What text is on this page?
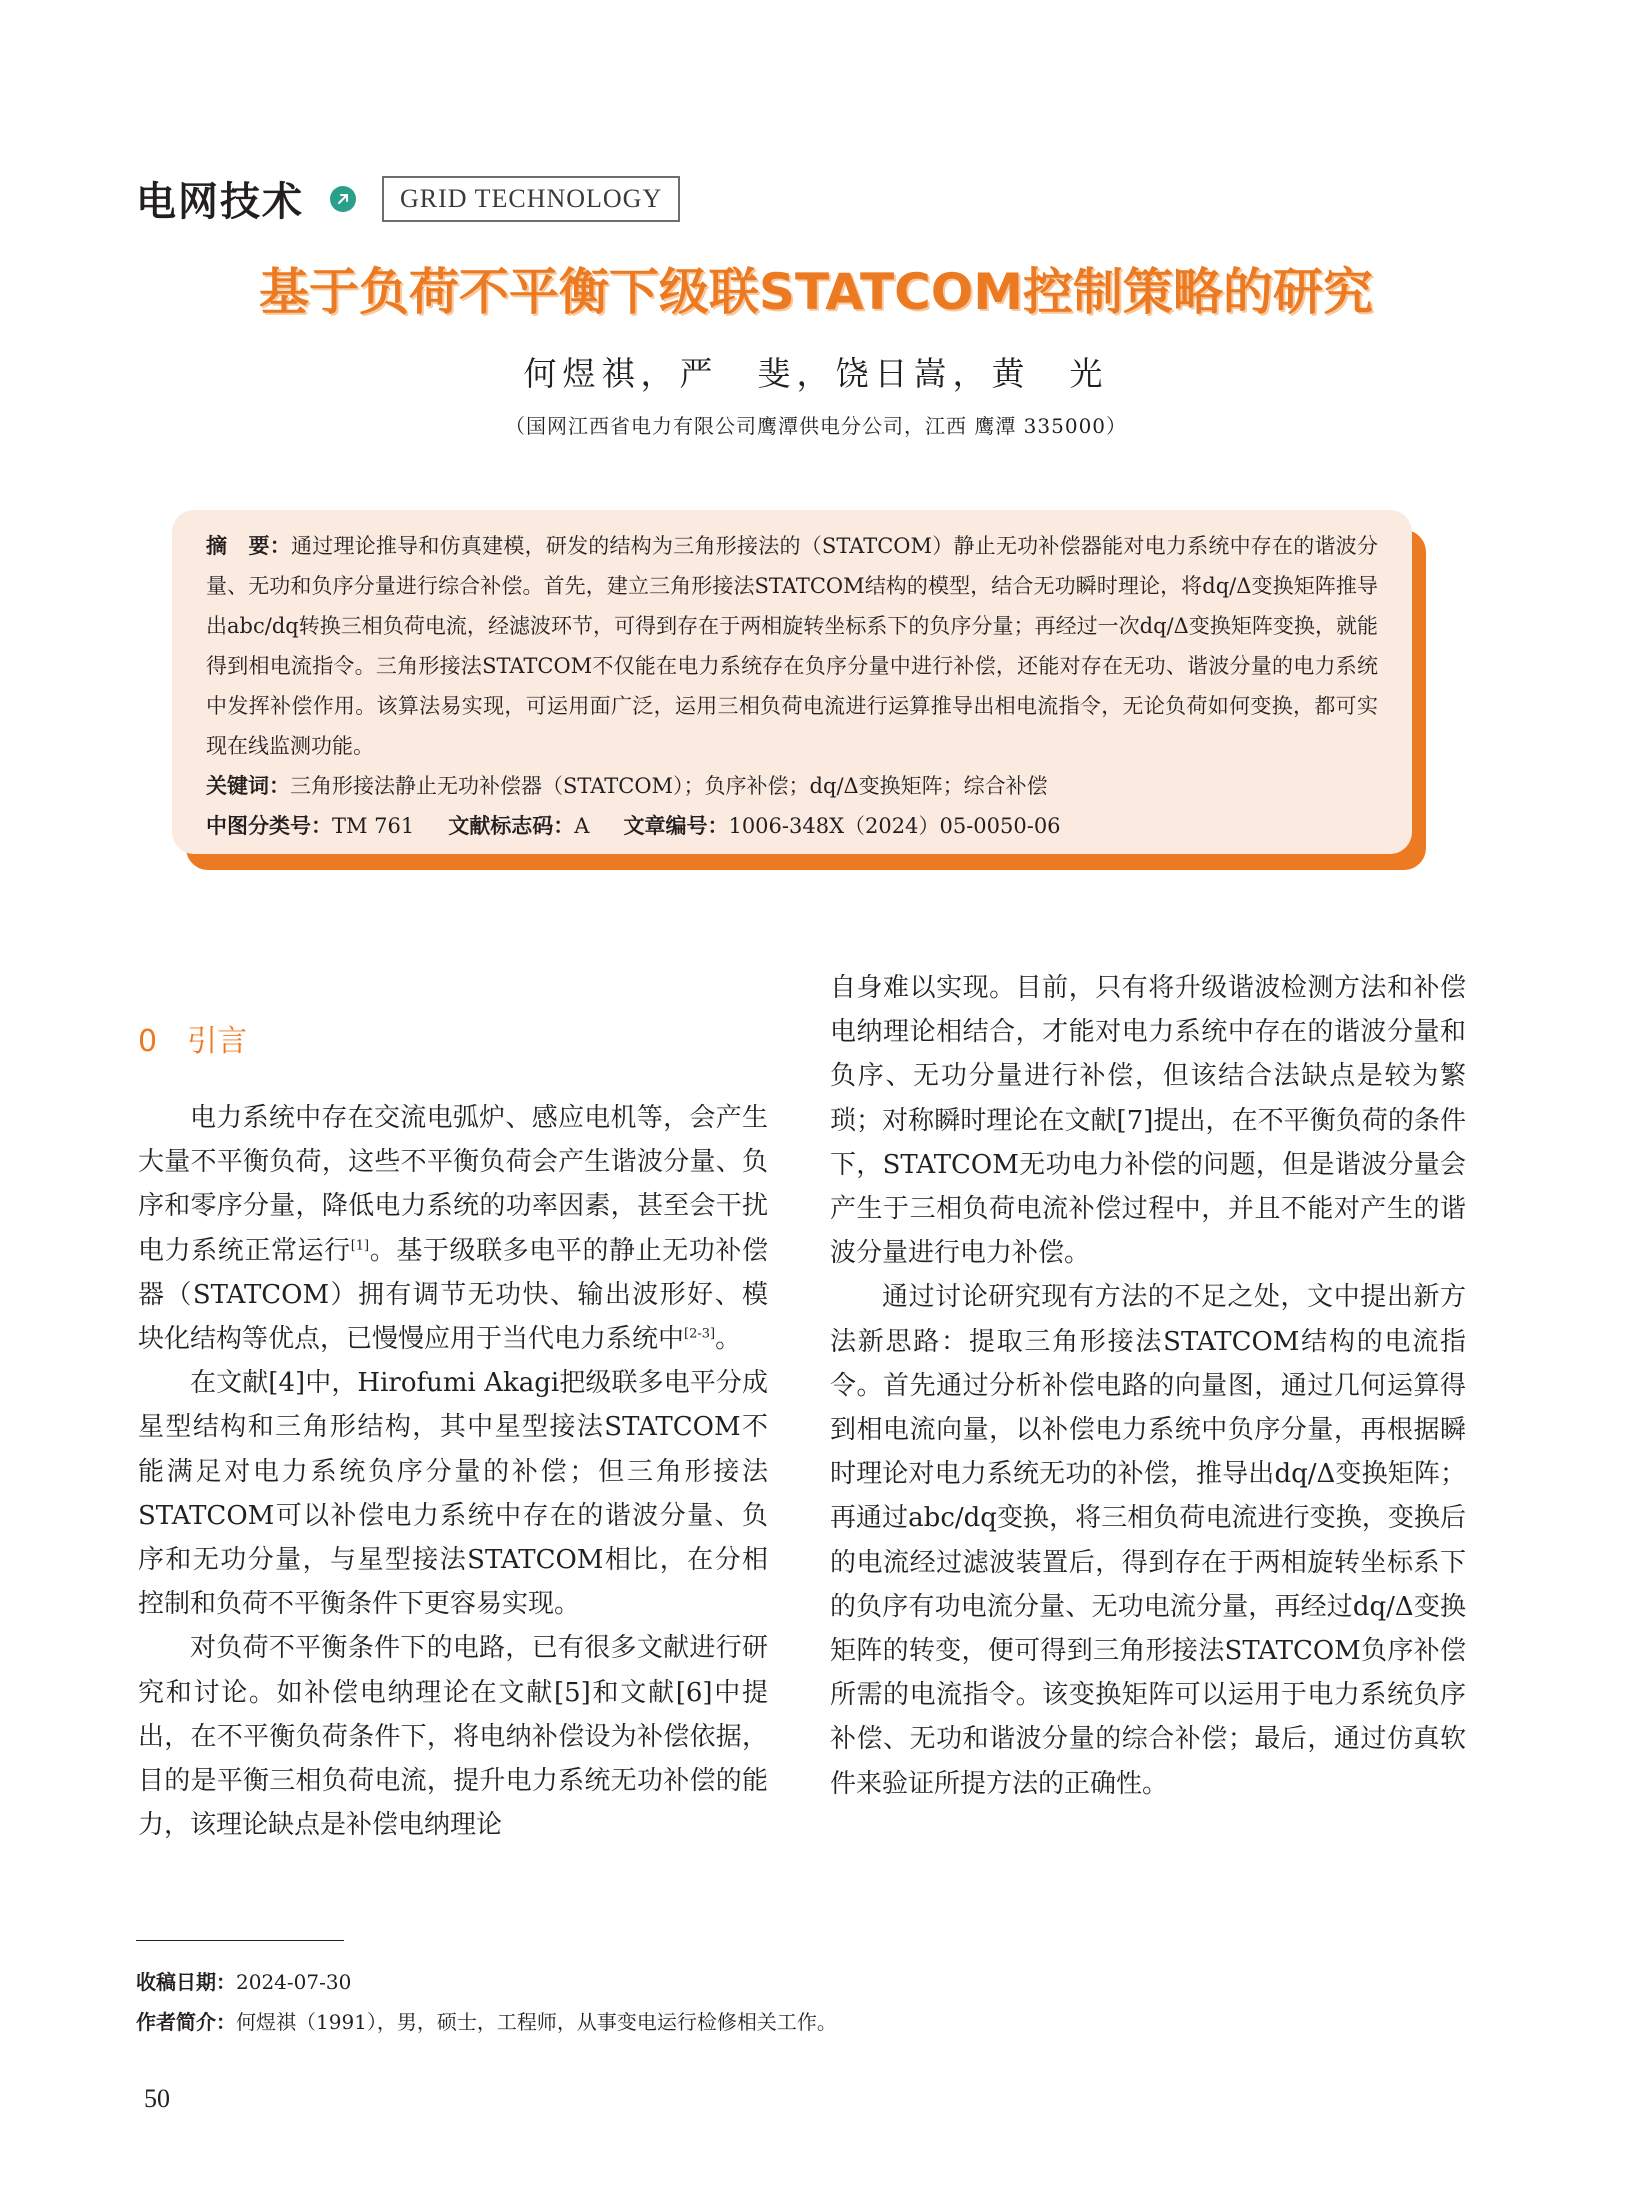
电网技术	GRID TECHNOLOGY
基于负荷不平衡下级联STATCOM控制策略的研究
何煜祺，严　斐，饶日嵩，黄　光
（国网江西省电力有限公司鹰潭供电分公司，江西 鹰潭 335000）
摘　要：通过理论推导和仿真建模，研发的结构为三角形接法的（STATCOM）静止无功补偿器能对电力系统中存在的谐波分量、无功和负序分量进行综合补偿。首先，建立三角形接法STATCOM结构的模型，结合无功瞬时理论，将dq/Δ变换矩阵推导出abc/dq转换三相负荷电流，经滤波环节，可得到存在于两相旋转坐标系下的负序分量；再经过一次dq/Δ变换矩阵变换，就能得到相电流指令。三角形接法STATCOM不仅能在电力系统存在负序分量中进行补偿，还能对存在无功、谐波分量的电力系统中发挥补偿作用。该算法易实现，可运用面广泛，运用三相负荷电流进行运算推导出相电流指令，无论负荷如何变换，都可实现在线监测功能。
关键词：三角形接法静止无功补偿器（STATCOM）；负序补偿；dq/Δ变换矩阵；综合补偿
中图分类号：TM 761 文献标志码：A 文章编号：1006-348X（2024）05-0050-06
0 引言

电力系统中存在交流电弧炉、感应电机等，会产生大量不平衡负荷，这些不平衡负荷会产生谐波分量、负序和零序分量，降低电力系统的功率因素，甚至会干扰电力系统正常运行[1]。基于级联多电平的静止无功补偿器（STATCOM）拥有调节无功快、输出波形好、模块化结构等优点，已慢慢应用于当代电力系统中[2-3]。

在文献[4]中，Hirofumi Akagi把级联多电平分成星型结构和三角形结构，其中星型接法STATCOM不能满足对电力系统负序分量的补偿；但三角形接法STATCOM可以补偿电力系统中存在的谐波分量、负序和无功分量，与星型接法STATCOM相比，在分相控制和负荷不平衡条件下更容易实现。

对负荷不平衡条件下的电路，已有很多文献进行研究和讨论。如补偿电纳理论在文献[5]和文献[6]中提出，在不平衡负荷条件下，将电纳补偿设为补偿依据，目的是平衡三相负荷电流，提升电力系统无功补偿的能力，该理论缺点是补偿电纳理论

自身难以实现。目前，只有将升级谐波检测方法和补偿电纳理论相结合，才能对电力系统中存在的谐波分量和负序、无功分量进行补偿，但该结合法缺点是较为繁琐；对称瞬时理论在文献[7]提出，在不平衡负荷的条件下，STATCOM无功电力补偿的问题，但是谐波分量会产生于三相负荷电流补偿过程中，并且不能对产生的谐波分量进行电力补偿。

通过讨论研究现有方法的不足之处，文中提出新方法新思路：提取三角形接法STATCOM结构的电流指令。首先通过分析补偿电路的向量图，通过几何运算得到相电流向量，以补偿电力系统中负序分量，再根据瞬时理论对电力系统无功的补偿，推导出dq/Δ变换矩阵；再通过abc/dq变换，将三相负荷电流进行变换，变换后的电流经过滤波装置后，得到存在于两相旋转坐标系下的负序有功电流分量、无功电流分量，再经过dq/Δ变换矩阵的转变，便可得到三角形接法STATCOM负序补偿所需的电流指令。该变换矩阵可以运用于电力系统负序补偿、无功和谐波分量的综合补偿；最后，通过仿真软件来验证所提方法的正确性。

收稿日期：2024-07-30
作者简介：何煜祺（1991），男，硕士，工程师，从事变电运行检修相关工作。
50
